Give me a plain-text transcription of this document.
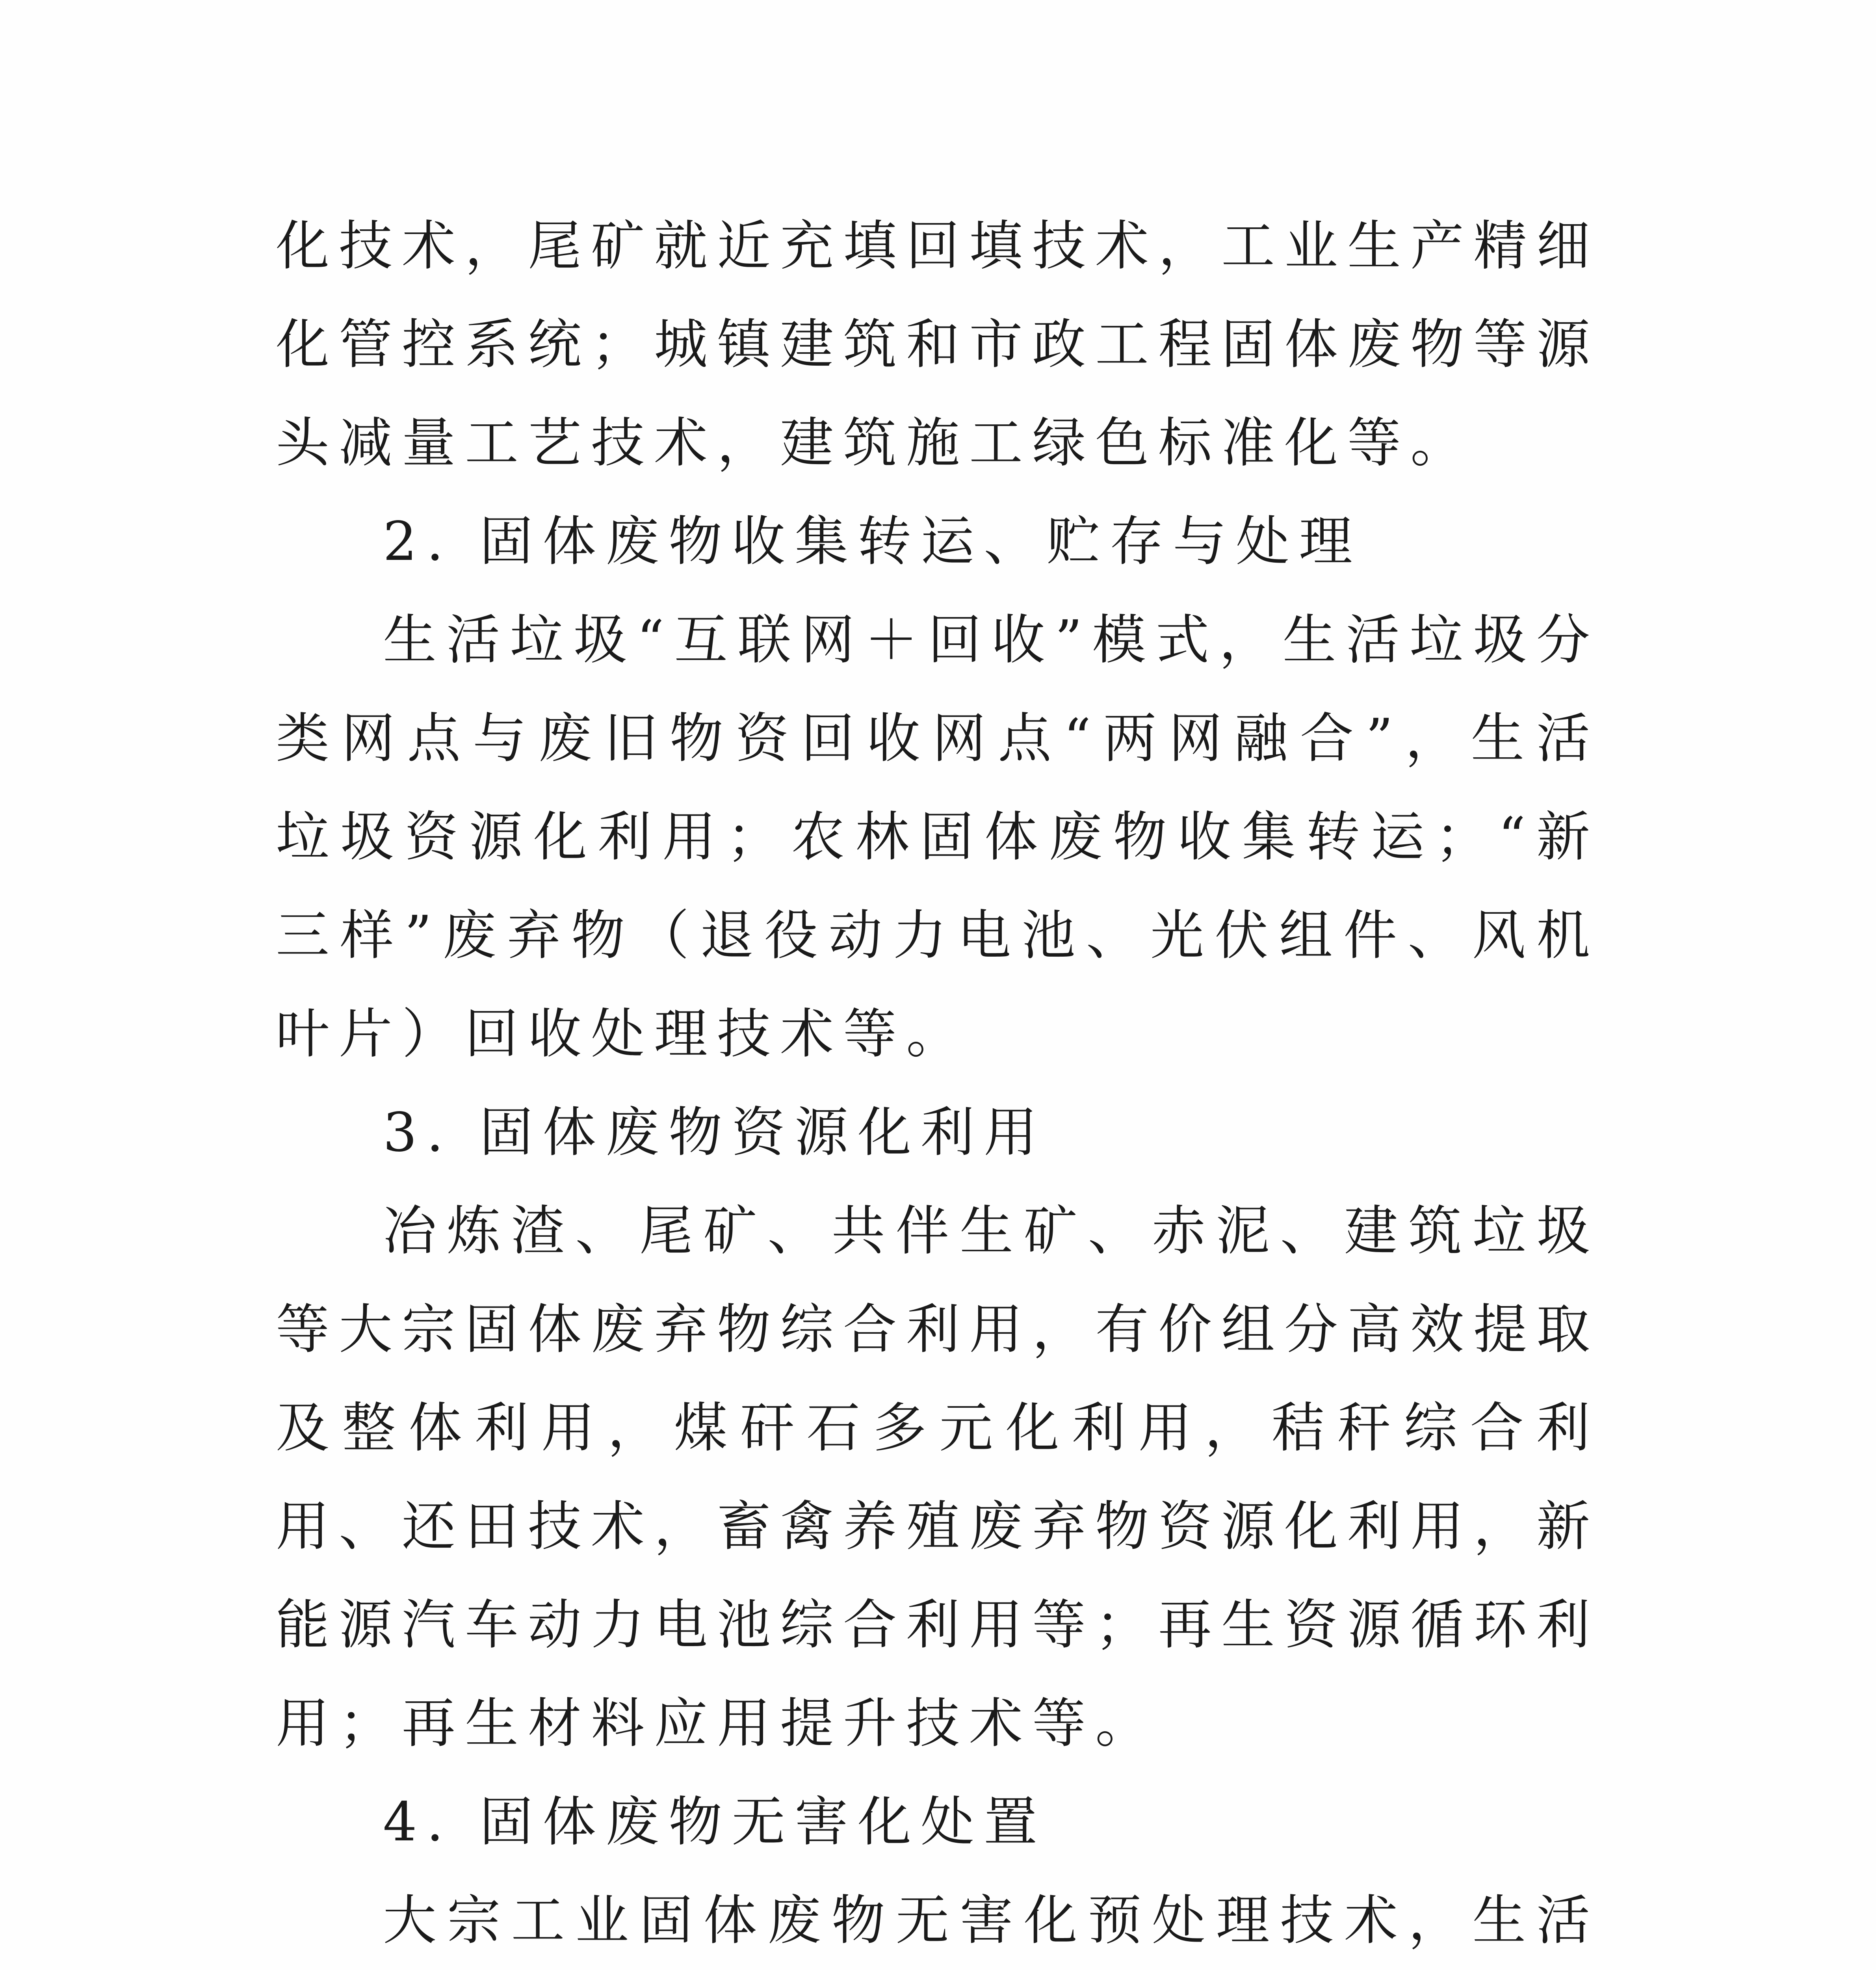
化技术，尾矿就近充填回填技术，工业生产精细化管控系统；城镇建筑和市政工程固体废物等源头减量工艺技术，建筑施工绿色标准化等。

2. 固体废物收集转运、贮存与处理

生活垃圾“互联网＋回收”模式，生活垃圾分类网点与废旧物资回收网点“两网融合”，生活垃圾资源化利用；农林固体废物收集转运；“新三样”废弃物（退役动力电池、光伏组件、风机叶片）回收处理技术等。

3. 固体废物资源化利用

冶炼渣、尾矿、共伴生矿、赤泥、建筑垃圾等大宗固体废弃物综合利用，有价组分高效提取及整体利用，煤矸石多元化利用，秸秆综合利用、还田技术，畜禽养殖废弃物资源化利用，新能源汽车动力电池综合利用等；再生资源循环利用；再生材料应用提升技术等。

4. 固体废物无害化处置

大宗工业固体废物无害化预处理技术，生活
